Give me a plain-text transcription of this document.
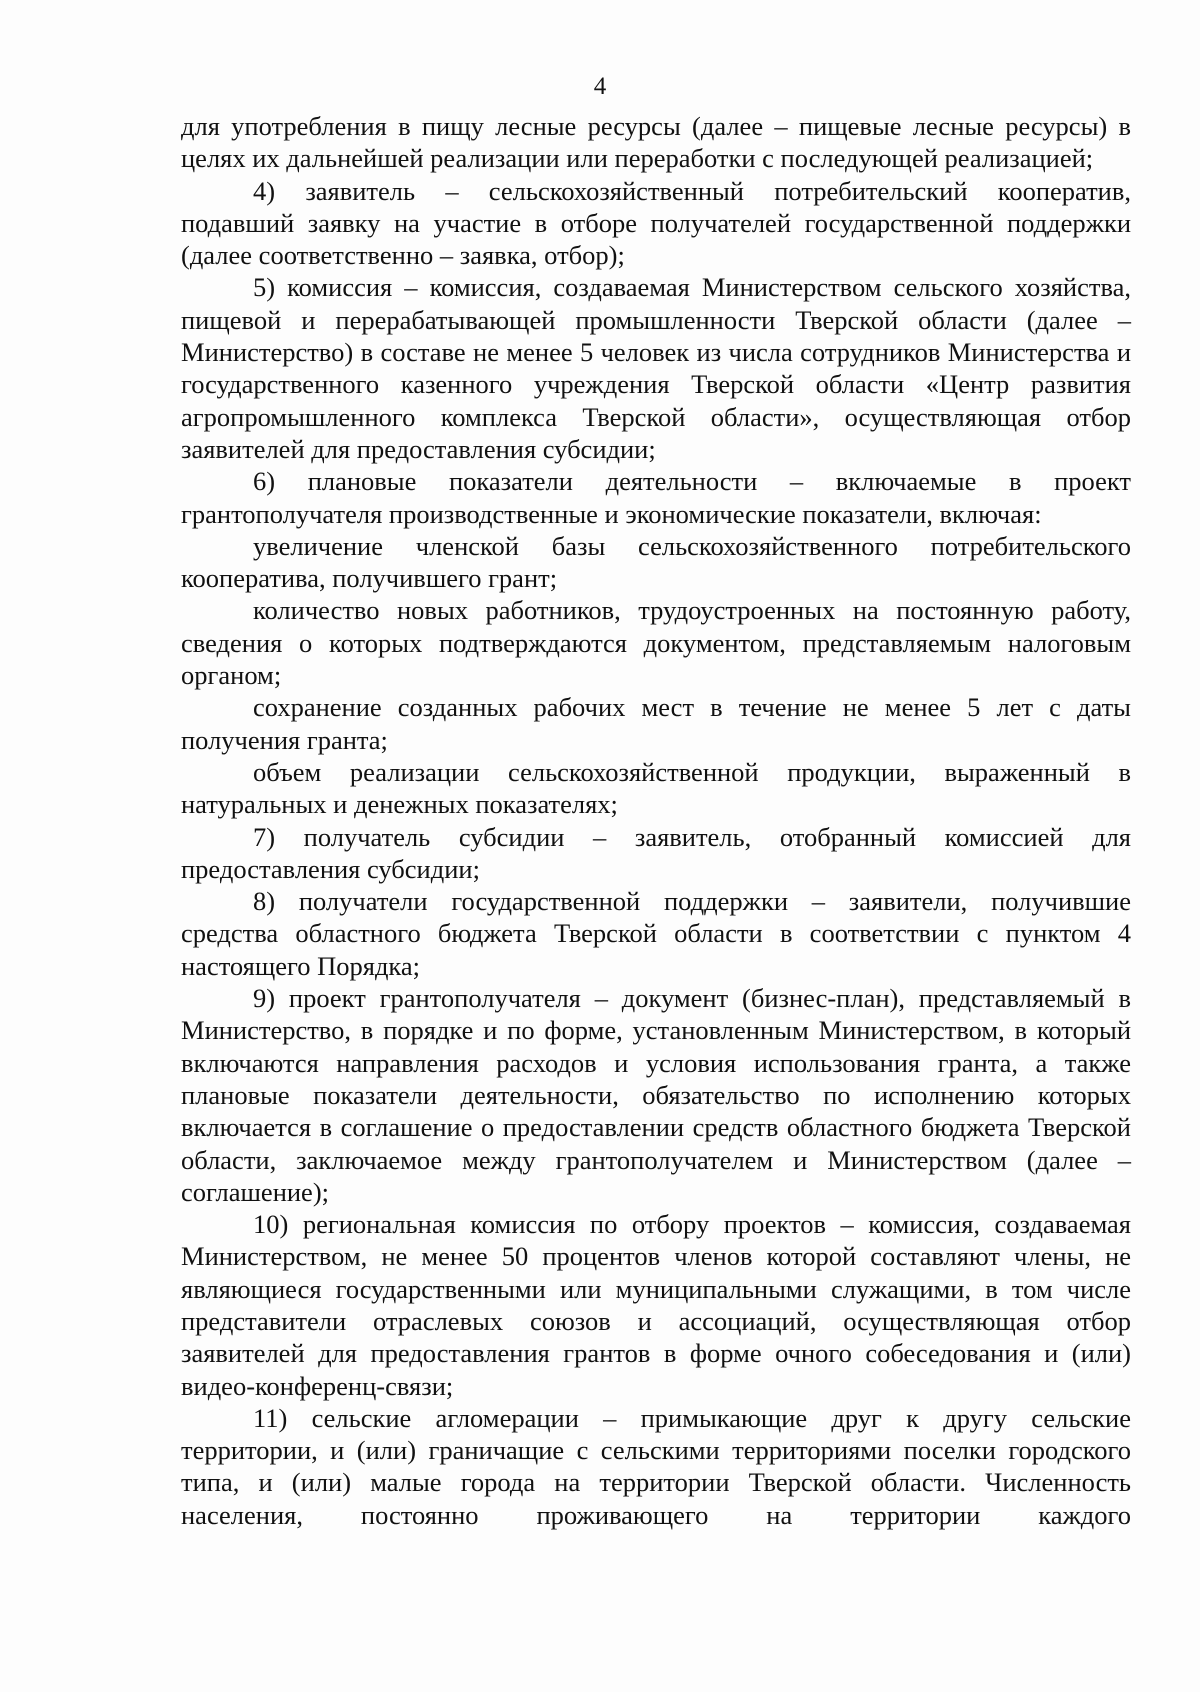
4

для употребления в пищу лесные ресурсы (далее – пищевые лесные ресурсы) в целях их дальнейшей реализации или переработки с последующей реализацией;

4) заявитель – сельскохозяйственный потребительский кооператив, подавший заявку на участие в отборе получателей государственной поддержки (далее соответственно – заявка, отбор);

5) комиссия – комиссия, создаваемая Министерством сельского хозяйства, пищевой и перерабатывающей промышленности Тверской области (далее – Министерство) в составе не менее 5 человек из числа сотрудников Министерства и государственного казенного учреждения Тверской области «Центр развития агропромышленного комплекса Тверской области», осуществляющая отбор заявителей для предоставления субсидии;

6) плановые показатели деятельности – включаемые в проект грантополучателя производственные и экономические показатели, включая:

увеличение членской базы сельскохозяйственного потребительского кооператива, получившего грант;

количество новых работников, трудоустроенных на постоянную работу, сведения о которых подтверждаются документом, представляемым налоговым органом;

сохранение созданных рабочих мест в течение не менее 5 лет с даты получения гранта;

объем реализации сельскохозяйственной продукции, выраженный в натуральных и денежных показателях;

7) получатель субсидии – заявитель, отобранный комиссией для предоставления субсидии;

8) получатели государственной поддержки – заявители, получившие средства областного бюджета Тверской области в соответствии с пунктом 4 настоящего Порядка;

9) проект грантополучателя – документ (бизнес-план), представляемый в Министерство, в порядке и по форме, установленным Министерством, в который включаются направления расходов и условия использования гранта, а также плановые показатели деятельности, обязательство по исполнению которых включается в соглашение о предоставлении средств областного бюджета Тверской области, заключаемое между грантополучателем и Министерством (далее – соглашение);

10) региональная комиссия по отбору проектов – комиссия, создаваемая Министерством, не менее 50 процентов членов которой составляют члены, не являющиеся государственными или муниципальными служащими, в том числе представители отраслевых союзов и ассоциаций, осуществляющая отбор заявителей для предоставления грантов в форме очного собеседования и (или) видео-конференц-связи;

11) сельские агломерации – примыкающие друг к другу сельские территории, и (или) граничащие с сельскими территориями поселки городского типа, и (или) малые города на территории Тверской области. Численность населения, постоянно проживающего на территории каждого
